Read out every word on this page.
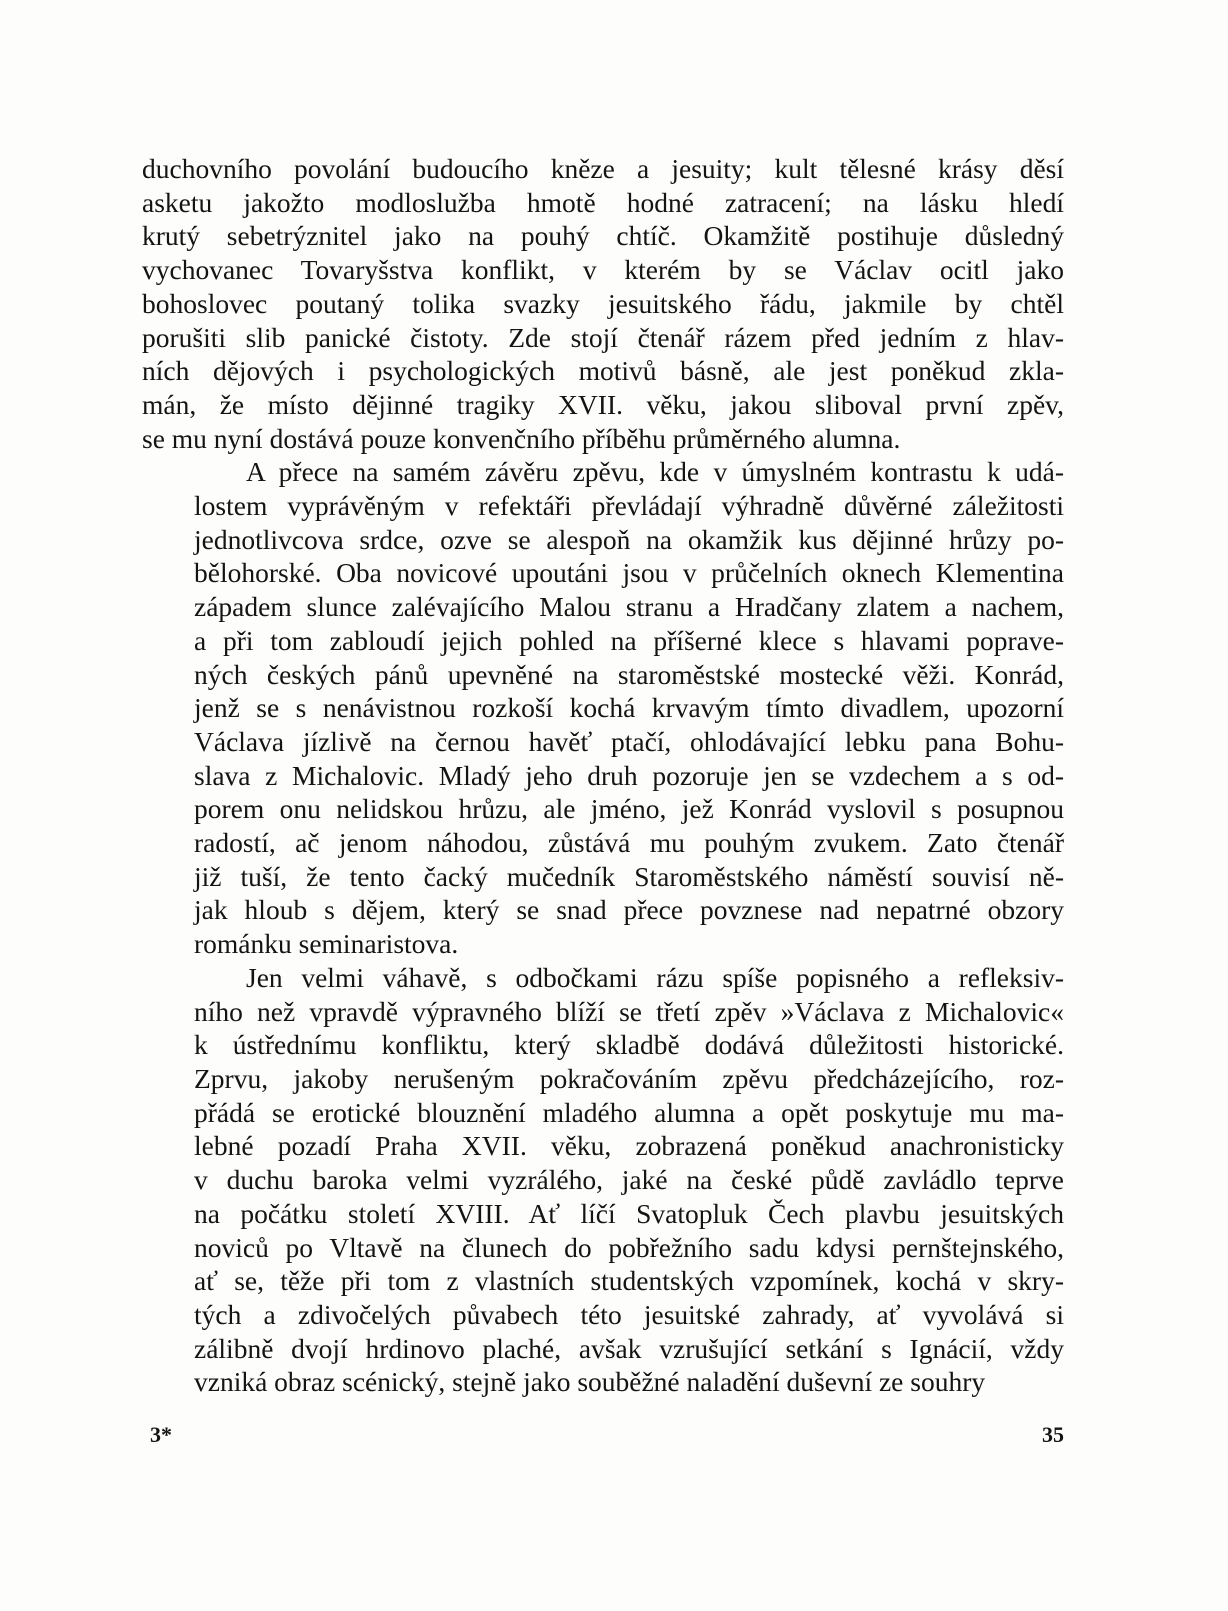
duchovního povolání budoucího kněze a jesuity; kult tělesné krásy děsí
asketu jakožto modloslužba hmotě hodné zatracení; na lásku hledí
krutý sebetrýznitel jako na pouhý chtíč. Okamžitě postihuje důsledný
vychovanec Tovaryšstva konflikt, v kterém by se Václav ocitl jako
bohoslovec poutaný tolika svazky jesuitského řádu, jakmile by chtěl
porušiti slib panické čistoty. Zde stojí čtenář rázem před jedním z hlav-
ních dějových i psychologických motivů básně, ale jest poněkud zkla-
mán, že místo dějinné tragiky XVII. věku, jakou sliboval první zpěv,
se mu nyní dostává pouze konvenčního příběhu průměrného alumna.
A přece na samém závěru zpěvu, kde v úmyslném kontrastu k udá-
lostem vyprávěným v refektáři převládají výhradně důvěrné záležitosti
jednotlivcova srdce, ozve se alespoň na okamžik kus dějinné hrůzy po-
bělohorské. Oba novicové upoutáni jsou v průčelních oknech Klementina
západem slunce zalévajícího Malou stranu a Hradčany zlatem a nachem,
a při tom zabloudí jejich pohled na příšerné klece s hlavami poprave-
ných českých pánů upevněné na staroměstské mostecké věži. Konrád,
jenž se s nenávistnou rozkoší kochá krvavým tímto divadlem, upozorní
Václava jízlivě na černou havěť ptačí, ohlodávající lebku pana Bohu-
slava z Michalovic. Mladý jeho druh pozoruje jen se vzdechem a s od-
porem onu nelidskou hrůzu, ale jméno, jež Konrád vyslovil s posupnou
radostí, ač jenom náhodou, zůstává mu pouhým zvukem. Zato čtenář
již tuší, že tento čacký mučedník Staroměstského náměstí souvisí ně-
jak hloub s dějem, který se snad přece povznese nad nepatrné obzory
románku seminaristova.
Jen velmi váhavě, s odbočkami rázu spíše popisného a refleksiv-
ního než vpravdě výpravného blíží se třetí zpěv »Václava z Michalovic«
k ústřednímu konfliktu, který skladbě dodává důležitosti historické.
Zprvu, jakoby nerušeným pokračováním zpěvu předcházejícího, roz-
přádá se erotické blouznění mladého alumna a opět poskytuje mu ma-
lebné pozadí Praha XVII. věku, zobrazená poněkud anachronisticky
v duchu baroka velmi vyzrálého, jaké na české půdě zavládlo teprve
na počátku století XVIII. Ať líčí Svatopluk Čech plavbu jesuitských
noviců po Vltavě na člunech do pobřežního sadu kdysi pernštejnského,
ať se, těže při tom z vlastních studentských vzpomínek, kochá v skry-
tých a zdivočelých půvabech této jesuitské zahrady, ať vyvolává si
zálibně dvojí hrdinovo plaché, avšak vzrušující setkání s Ignácií, vždy
vzniká obraz scénický, stejně jako souběžné naladění duševní ze souhry
3*	35
